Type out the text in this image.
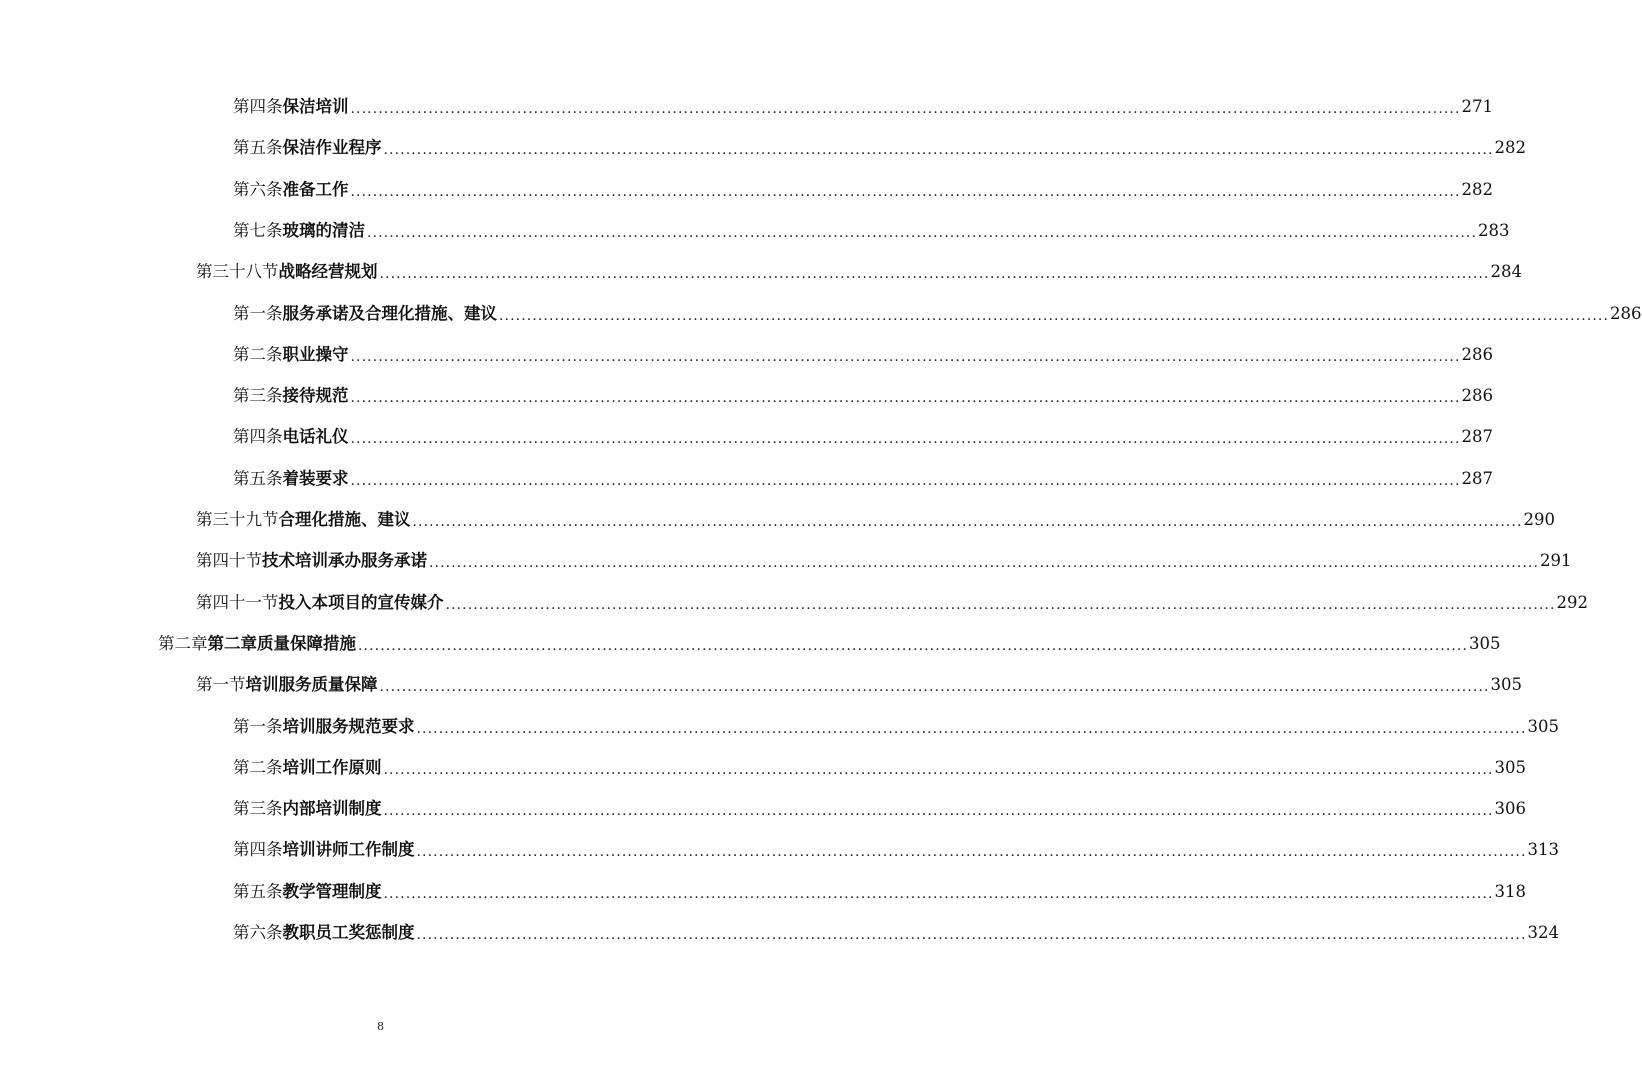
第四条 保洁培训 ........................................................................................................................................................................................................ 271
第五条 保洁作业程序 ........................................................................................................................................................................................................ 282
第六条 准备工作 ........................................................................................................................................................................................................ 282
第七条 玻璃的清洁 ........................................................................................................................................................................................................ 283
第三十八节 战略经营规划 ........................................................................................................................................................................................................ 284
第一条 服务承诺及合理化措施、建议 ........................................................................................................................................................................................................ 286
第二条 职业操守 ........................................................................................................................................................................................................ 286
第三条 接待规范 ........................................................................................................................................................................................................ 286
第四条 电话礼仪 ........................................................................................................................................................................................................ 287
第五条 着装要求 ........................................................................................................................................................................................................ 287
第三十九节 合理化措施、建议 ........................................................................................................................................................................................................ 290
第四十节 技术培训承办服务承诺 ........................................................................................................................................................................................................ 291
第四十一节 投入本项目的宣传媒介 ........................................................................................................................................................................................................ 292
第二章 第二章质量保障措施 ........................................................................................................................................................................................................ 305
第一节 培训服务质量保障 ........................................................................................................................................................................................................ 305
第一条 培训服务规范要求 ........................................................................................................................................................................................................ 305
第二条 培训工作原则 ........................................................................................................................................................................................................ 305
第三条 内部培训制度 ........................................................................................................................................................................................................ 306
第四条 培训讲师工作制度 ........................................................................................................................................................................................................ 313
第五条 教学管理制度 ........................................................................................................................................................................................................ 318
第六条 教职员工奖惩制度 ........................................................................................................................................................................................................ 324
8
